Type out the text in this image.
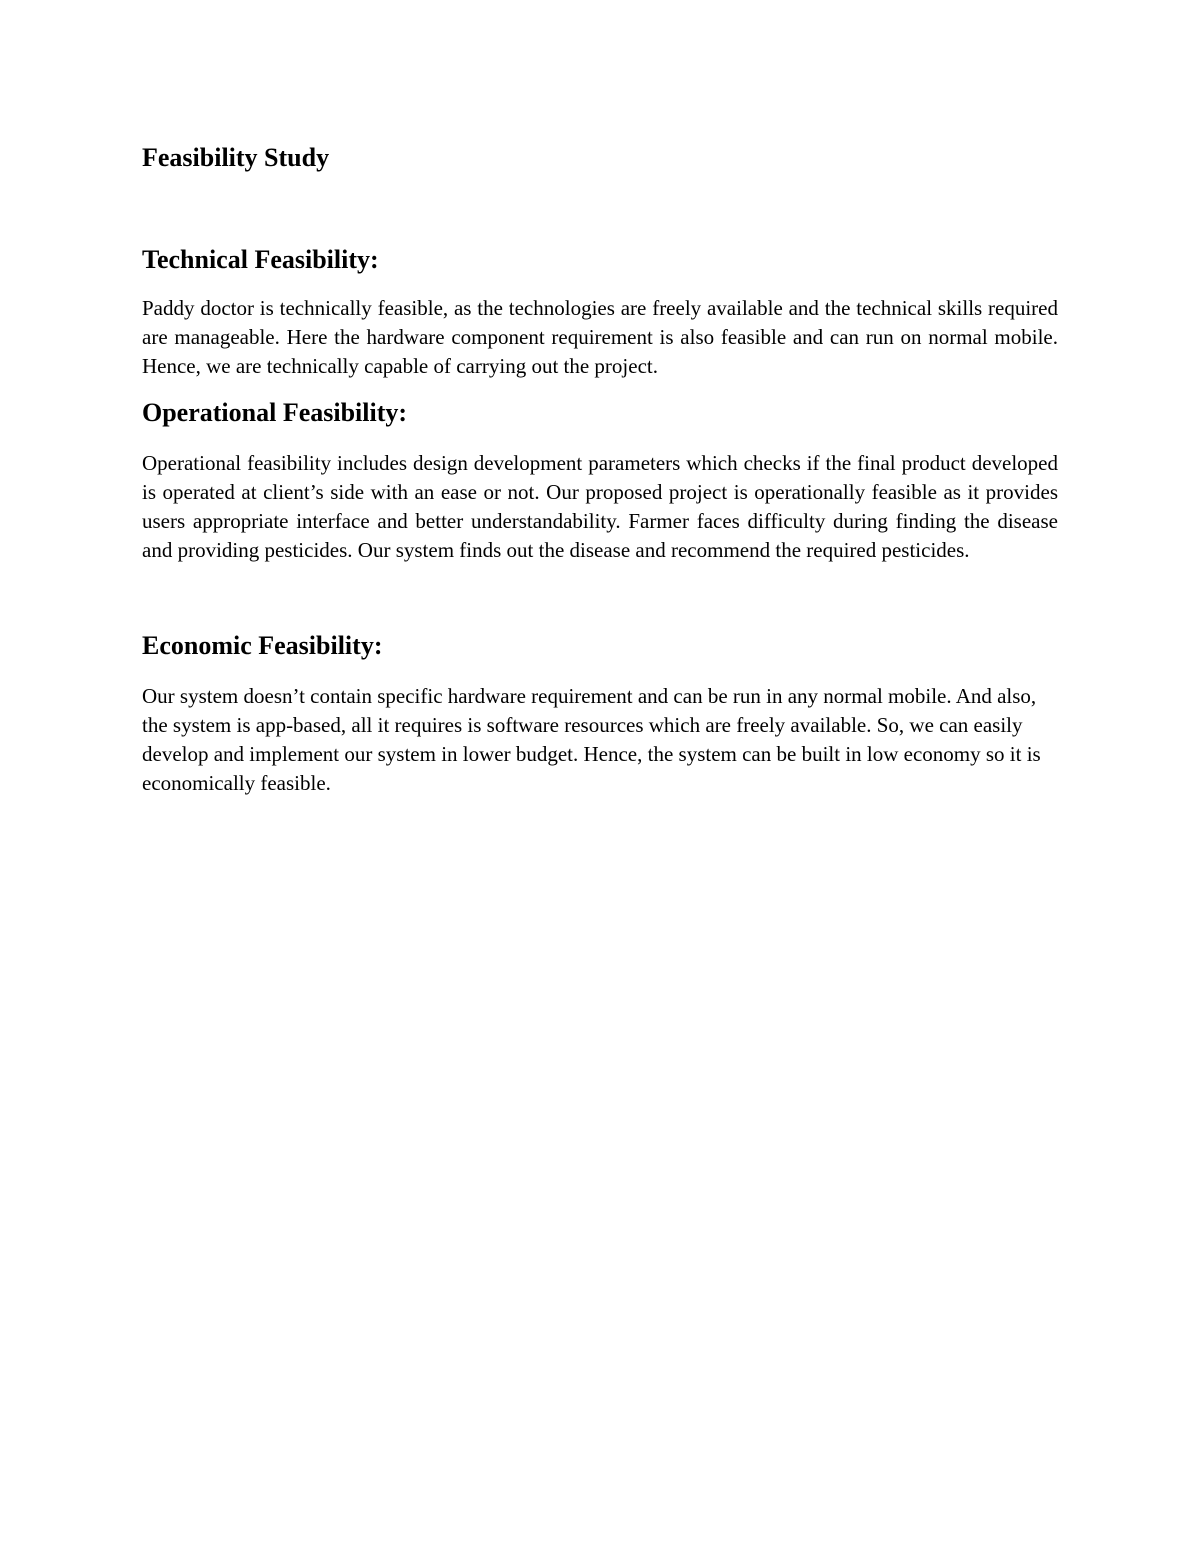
Feasibility Study
Technical Feasibility:

Paddy doctor is technically feasible, as the technologies are freely available and the technical skills required are manageable. Here the hardware component requirement is also feasible and can run on normal mobile. Hence, we are technically capable of carrying out the project.

Operational Feasibility:

Operational feasibility includes design development parameters which checks if the final product developed is operated at client’s side with an ease or not. Our proposed project is operationally feasible as it provides users appropriate interface and better understandability. Farmer faces difficulty during finding the disease and providing pesticides. Our system finds out the disease and recommend the required pesticides.

Economic Feasibility:

Our system doesn’t contain specific hardware requirement and can be run in any normal mobile. And also, the system is app-based, all it requires is software resources which are freely available. So, we can easily develop and implement our system in lower budget. Hence, the system can be built in low economy so it is economically feasible.
